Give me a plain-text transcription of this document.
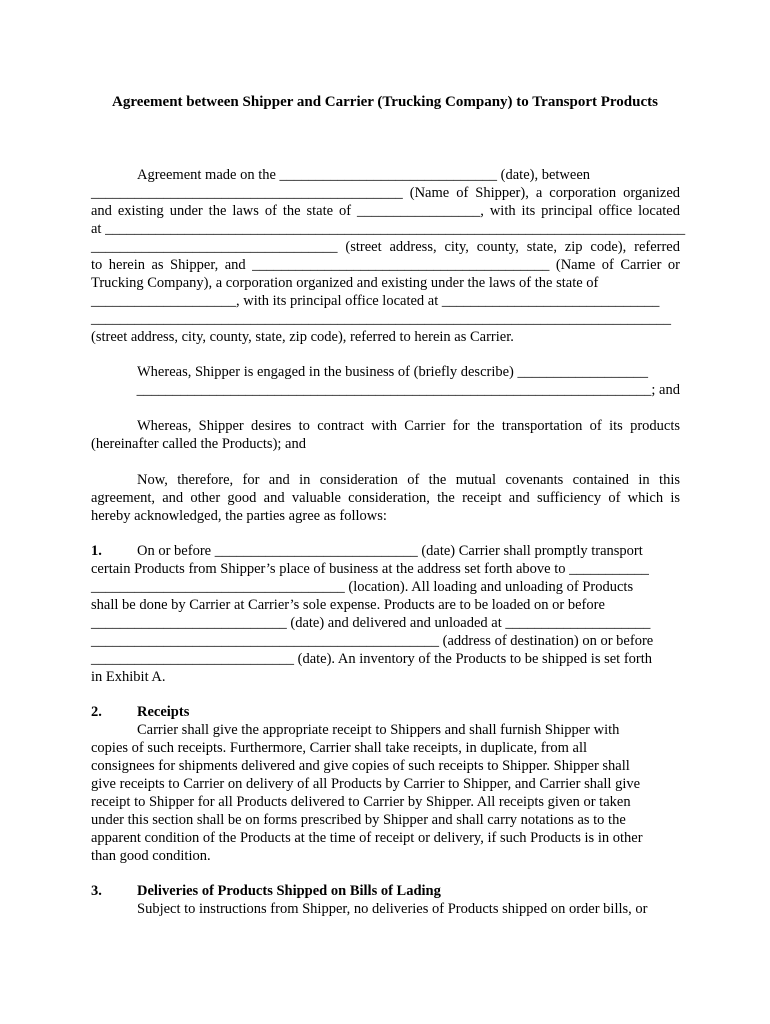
Agreement between Shipper and Carrier (Trucking Company) to Transport Products
Agreement made on the ______________________________ (date), between
___________________________________________ (Name of Shipper), a corporation organized
and existing under the laws of the state of _________________, with its principal office located
at ________________________________________________________________________________
__________________________________ (street address, city, county, state, zip code), referred
to herein as Shipper, and _________________________________________ (Name of Carrier or
Trucking Company), a corporation organized and existing under the laws of the state of
____________________, with its principal office located at ______________________________
________________________________________________________________________________
(street address, city, county, state, zip code), referred to herein as Carrier.
Whereas, Shipper is engaged in the business of (briefly describe) __________________
_______________________________________________________________________; and
Whereas, Shipper desires to contract with Carrier for the transportation of its products
(hereinafter called the Products); and
Now, therefore, for and in consideration of the mutual covenants contained in this
agreement, and other good and valuable consideration, the receipt and sufficiency of which is
hereby acknowledged, the parties agree as follows:
1. On or before ____________________________ (date) Carrier shall promptly transport
certain Products from Shipper’s place of business at the address set forth above to ___________
___________________________________ (location). All loading and unloading of Products
shall be done by Carrier at Carrier’s sole expense. Products are to be loaded on or before
___________________________ (date) and delivered and unloaded at ____________________
________________________________________________ (address of destination) on or before
____________________________ (date). An inventory of the Products to be shipped is set forth
in Exhibit A.
2. Receipts
Carrier shall give the appropriate receipt to Shippers and shall furnish Shipper with
copies of such receipts. Furthermore, Carrier shall take receipts, in duplicate, from all
consignees for shipments delivered and give copies of such receipts to Shipper. Shipper shall
give receipts to Carrier on delivery of all Products by Carrier to Shipper, and Carrier shall give
receipt to Shipper for all Products delivered to Carrier by Shipper. All receipts given or taken
under this section shall be on forms prescribed by Shipper and shall carry notations as to the
apparent condition of the Products at the time of receipt or delivery, if such Products is in other
than good condition.
3. Deliveries of Products Shipped on Bills of Lading
Subject to instructions from Shipper, no deliveries of Products shipped on order bills, or
